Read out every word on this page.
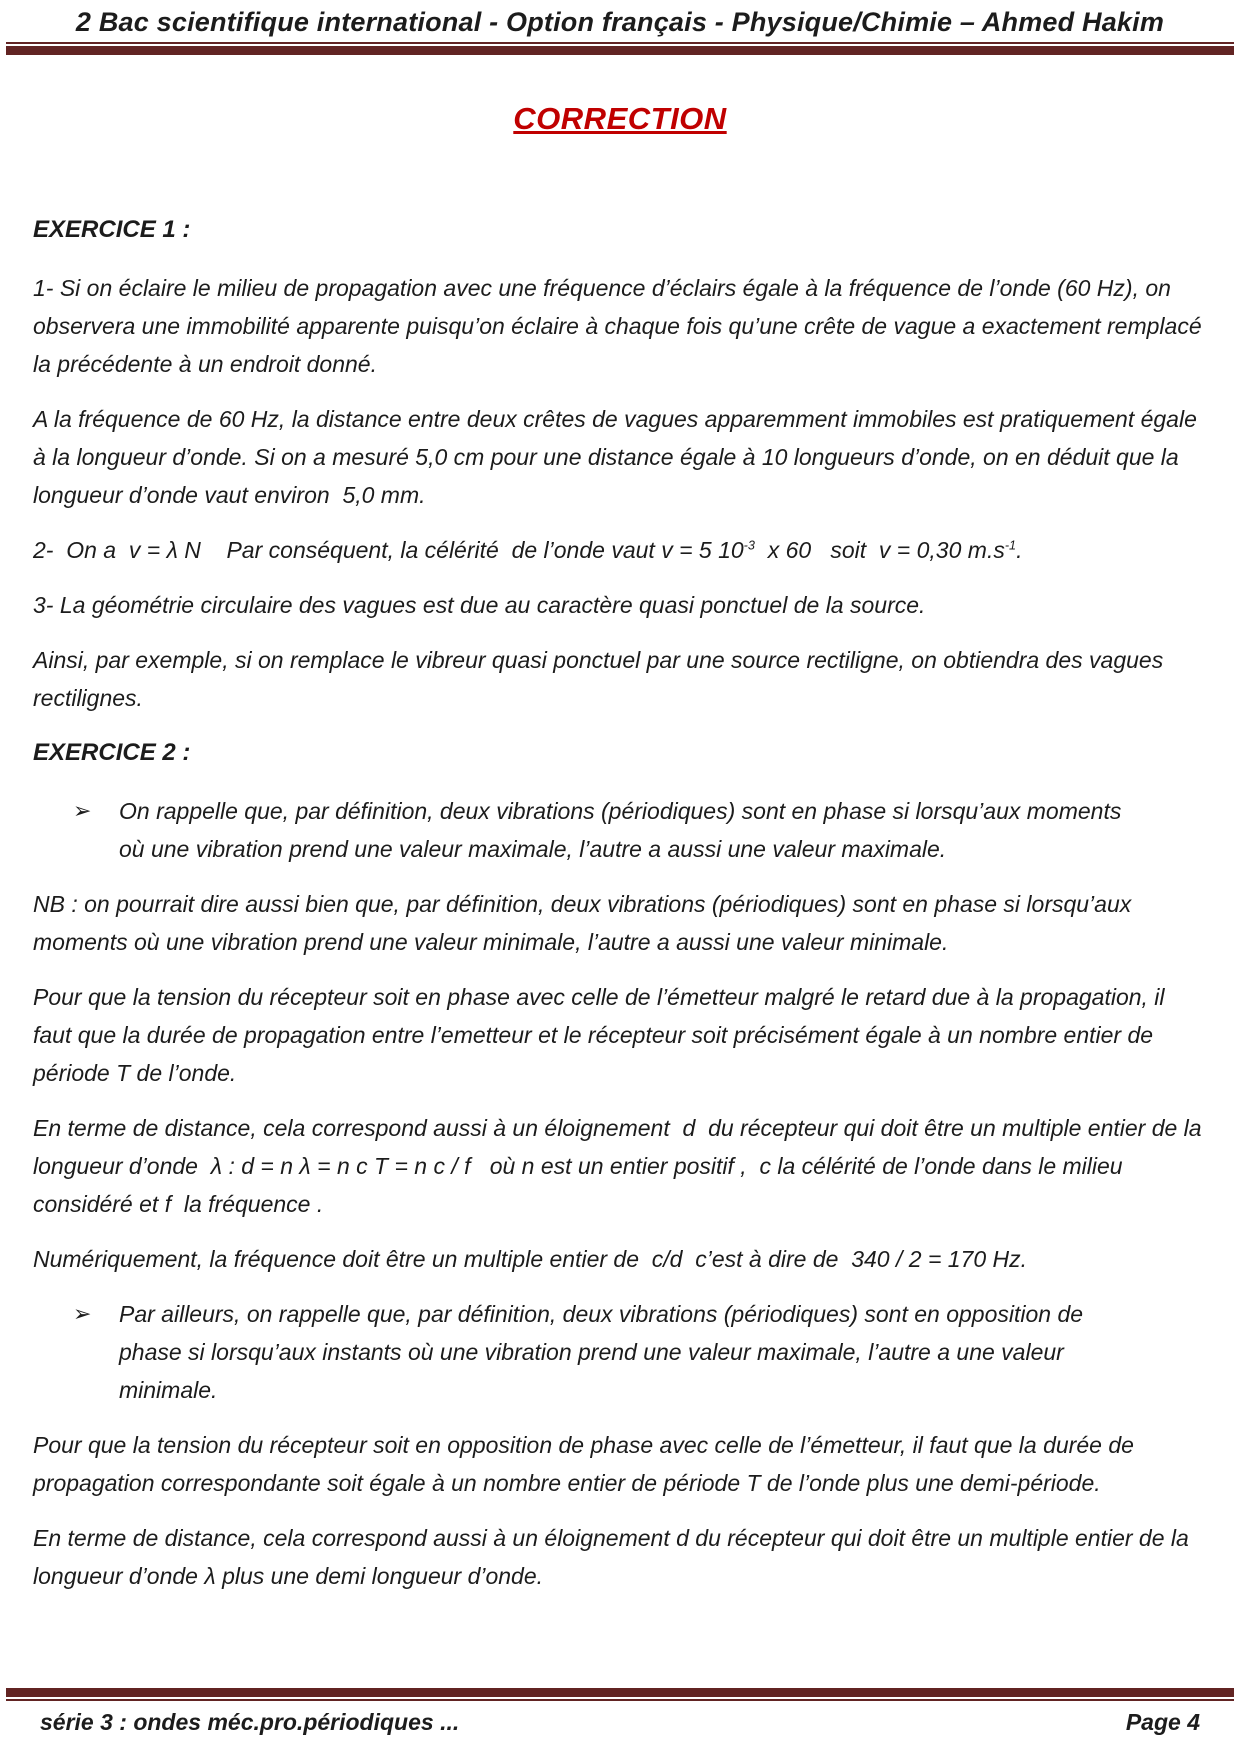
2 Bac scientifique international - Option français - Physique/Chimie – Ahmed Hakim
CORRECTION
EXERCICE 1 :

1- Si on éclaire le milieu de propagation avec une fréquence d’éclairs égale à la fréquence de l’onde (60 Hz), on observera une immobilité apparente puisqu’on éclaire à chaque fois qu’une crête de vague a exactement remplacé la précédente à un endroit donné.

A la fréquence de 60 Hz, la distance entre deux crêtes de vagues apparemment immobiles est pratiquement égale à la longueur d’onde. Si on a mesuré 5,0 cm pour une distance égale à 10 longueurs d’onde, on en déduit que la longueur d’onde vaut environ  5,0 mm.

2-  On a  v = λ N    Par conséquent, la célérité  de l’onde vaut v = 5 $10^{-3}$  x 60   soit  v = 0,30 $m.s^{-1}$.

3- La géométrie circulaire des vagues est due au caractère quasi ponctuel de la source.

Ainsi, par exemple, si on remplace le vibreur quasi ponctuel par une source rectiligne, on obtiendra des vagues rectilignes.

EXERCICE 2 :
➢	On rappelle que, par définition, deux vibrations (périodiques) sont en phase si lorsqu’aux moments où une vibration prend une valeur maximale, l’autre a aussi une valeur maximale.

NB : on pourrait dire aussi bien que, par définition, deux vibrations (périodiques) sont en phase si lorsqu’aux moments où une vibration prend une valeur minimale, l’autre a aussi une valeur minimale.

Pour que la tension du récepteur soit en phase avec celle de l’émetteur malgré le retard due à la propagation, il faut que la durée de propagation entre l’emetteur et le récepteur soit précisément égale à un nombre entier de période T de l’onde.

En terme de distance, cela correspond aussi à un éloignement  d  du récepteur qui doit être un multiple entier de la longueur d’onde  λ : d = n λ = n c T = n c / f   où n est un entier positif ,  c la célérité de l’onde dans le milieu considéré et f  la fréquence .

Numériquement, la fréquence doit être un multiple entier de  c/d  c’est à dire de  340 / 2 = 170 Hz.

➢	Par ailleurs, on rappelle que, par définition, deux vibrations (périodiques) sont en opposition de phase si lorsqu’aux instants où une vibration prend une valeur maximale, l’autre a une valeur minimale.

Pour que la tension du récepteur soit en opposition de phase avec celle de l’émetteur, il faut que la durée de propagation correspondante soit égale à un nombre entier de période T de l’onde plus une demi-période.

En terme de distance, cela correspond aussi à un éloignement d du récepteur qui doit être un multiple entier de la longueur d’onde λ plus une demi longueur d’onde.

série 3 : ondes méc.pro.périodiques ...	Page 4
